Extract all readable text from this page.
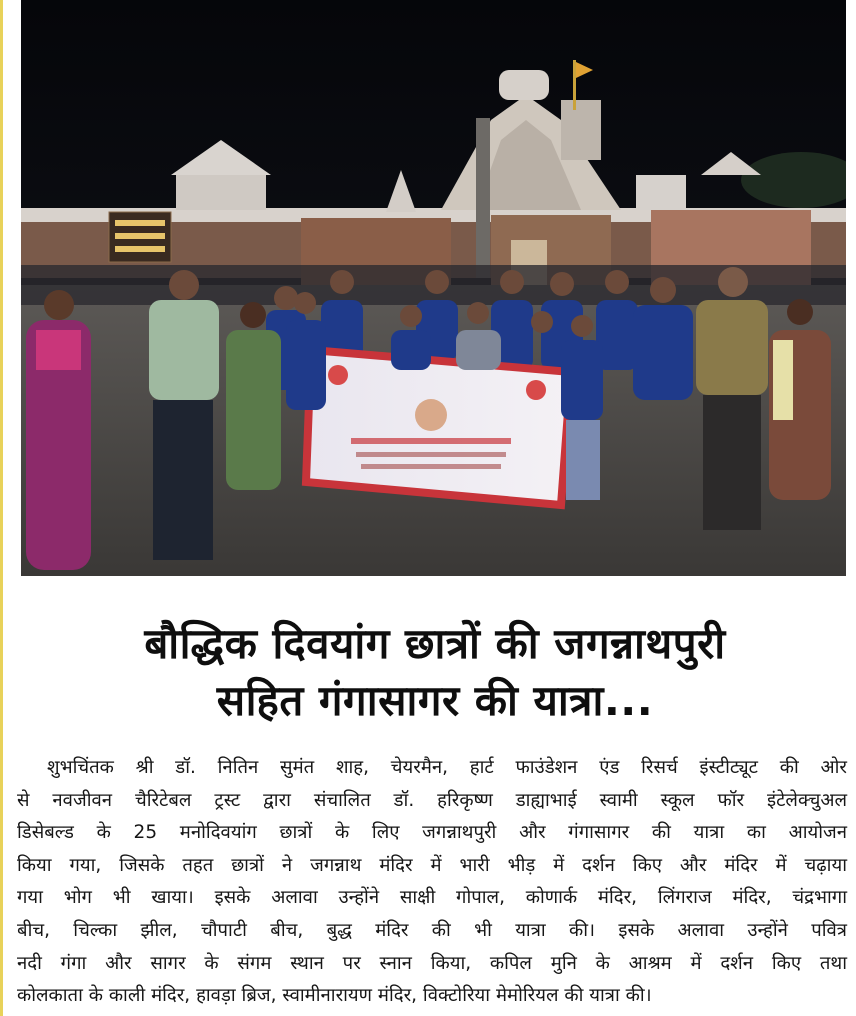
बौद्धिक दिवयांग छात्रों की जगन्नाथपुरी
सहित गंगासागर की यात्रा...
शुभचिंतक श्री डॉ. नितिन सुमंत शाह, चेयरमैन, हार्ट फाउंडेशन एंड रिसर्च इंस्टीट्यूट की ओर
से नवजीवन चैरिटेबल ट्रस्ट द्वारा संचालित डॉ. हरिकृष्ण डाह्याभाई स्वामी स्कूल फॉर इंटेलेक्चुअल
डिसेबल्ड के 25 मनोदिवयांग छात्रों के लिए जगन्नाथपुरी और गंगासागर की यात्रा का आयोजन
किया गया, जिसके तहत छात्रों ने जगन्नाथ मंदिर में भारी भीड़ में दर्शन किए और मंदिर में चढ़ाया
गया भोग भी खाया। इसके अलावा उन्होंने साक्षी गोपाल, कोणार्क मंदिर, लिंगराज मंदिर, चंद्रभागा
बीच, चिल्का झील, चौपाटी बीच, बुद्ध मंदिर की भी यात्रा की। इसके अलावा उन्होंने पवित्र
नदी गंगा और सागर के संगम स्थान पर स्नान किया, कपिल मुनि के आश्रम में दर्शन किए तथा
कोलकाता के काली मंदिर, हावड़ा ब्रिज, स्वामीनारायण मंदिर, विक्टोरिया मेमोरियल की यात्रा की।
